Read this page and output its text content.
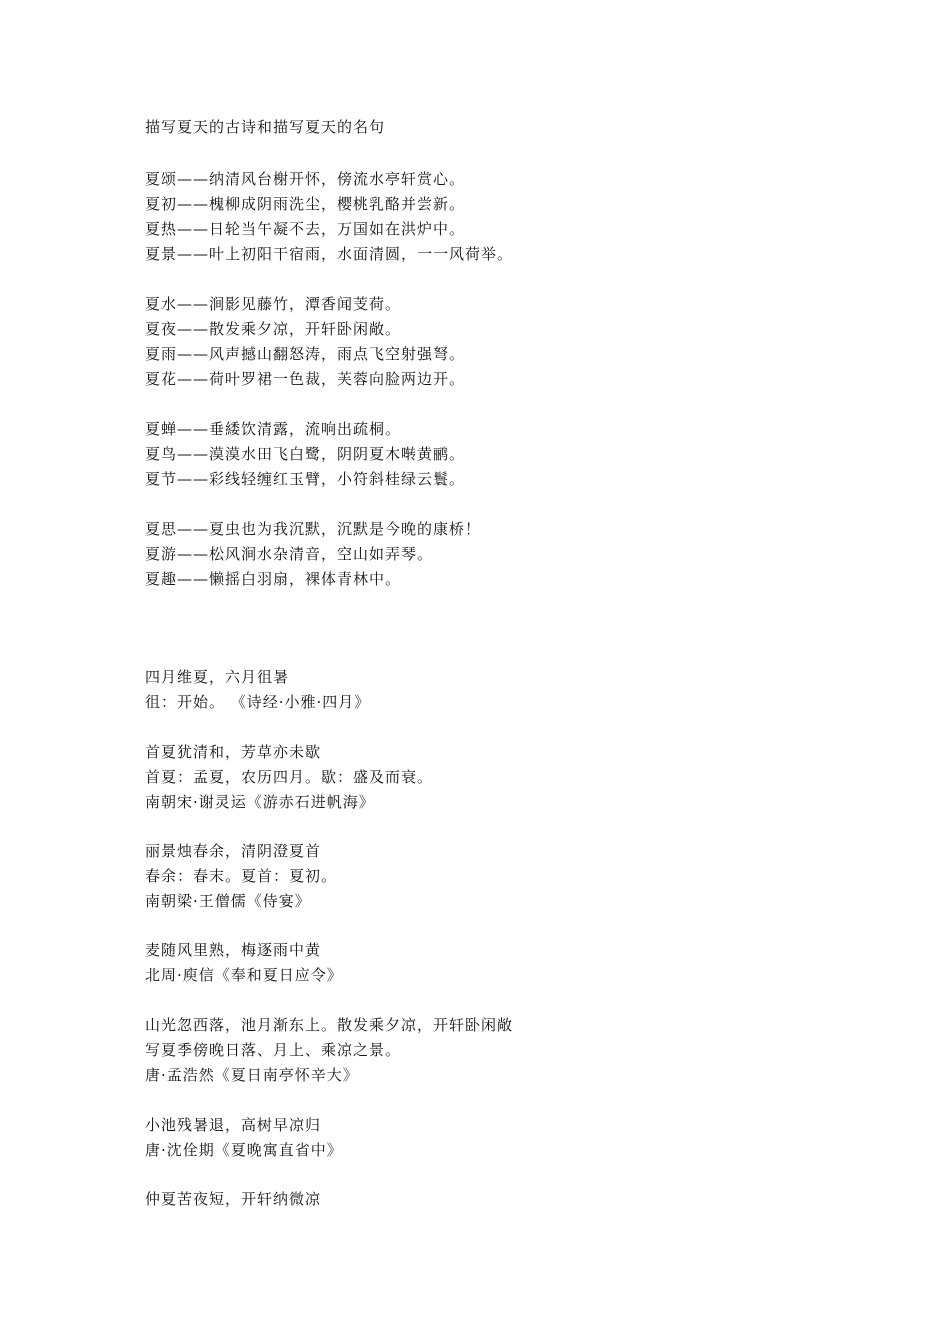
描写夏天的古诗和描写夏天的名句
夏颂——纳清风台榭开怀，傍流水亭轩赏心。
夏初——槐柳成阴雨洗尘，樱桃乳酪并尝新。
夏热——日轮当午凝不去，万国如在洪炉中。
夏景——叶上初阳干宿雨，水面清圆，一一风荷举。
夏水——涧影见藤竹，潭香闻芰荷。
夏夜——散发乘夕凉，开轩卧闲敞。
夏雨——风声撼山翻怒涛，雨点飞空射强弩。
夏花——荷叶罗裙一色裁，芙蓉向脸两边开。
夏蝉——垂緌饮清露，流响出疏桐。
夏鸟——漠漠水田飞白鹭，阴阴夏木啭黄鹂。
夏节——彩线轻缠红玉臂，小符斜桂绿云鬟。
夏思——夏虫也为我沉默，沉默是今晚的康桥！
夏游——松风涧水杂清音，空山如弄琴。
夏趣——懒摇白羽扇，裸体青林中。
四月维夏，六月徂暑
徂：开始。 《诗经·小雅·四月》
首夏犹清和，芳草亦未歇
首夏：孟夏，农历四月。歇：盛及而衰。
南朝宋·谢灵运《游赤石进帆海》
丽景烛春余，清阴澄夏首
春余：春末。夏首：夏初。
南朝梁·王僧儒《侍宴》
麦随风里熟，梅逐雨中黄
北周·庾信《奉和夏日应令》
山光忽西落，池月渐东上。散发乘夕凉，开轩卧闲敞
写夏季傍晚日落、月上、乘凉之景。
唐·孟浩然《夏日南亭怀辛大》
小池残暑退，高树早凉归
唐·沈佺期《夏晚寓直省中》
仲夏苦夜短，开轩纳微凉
